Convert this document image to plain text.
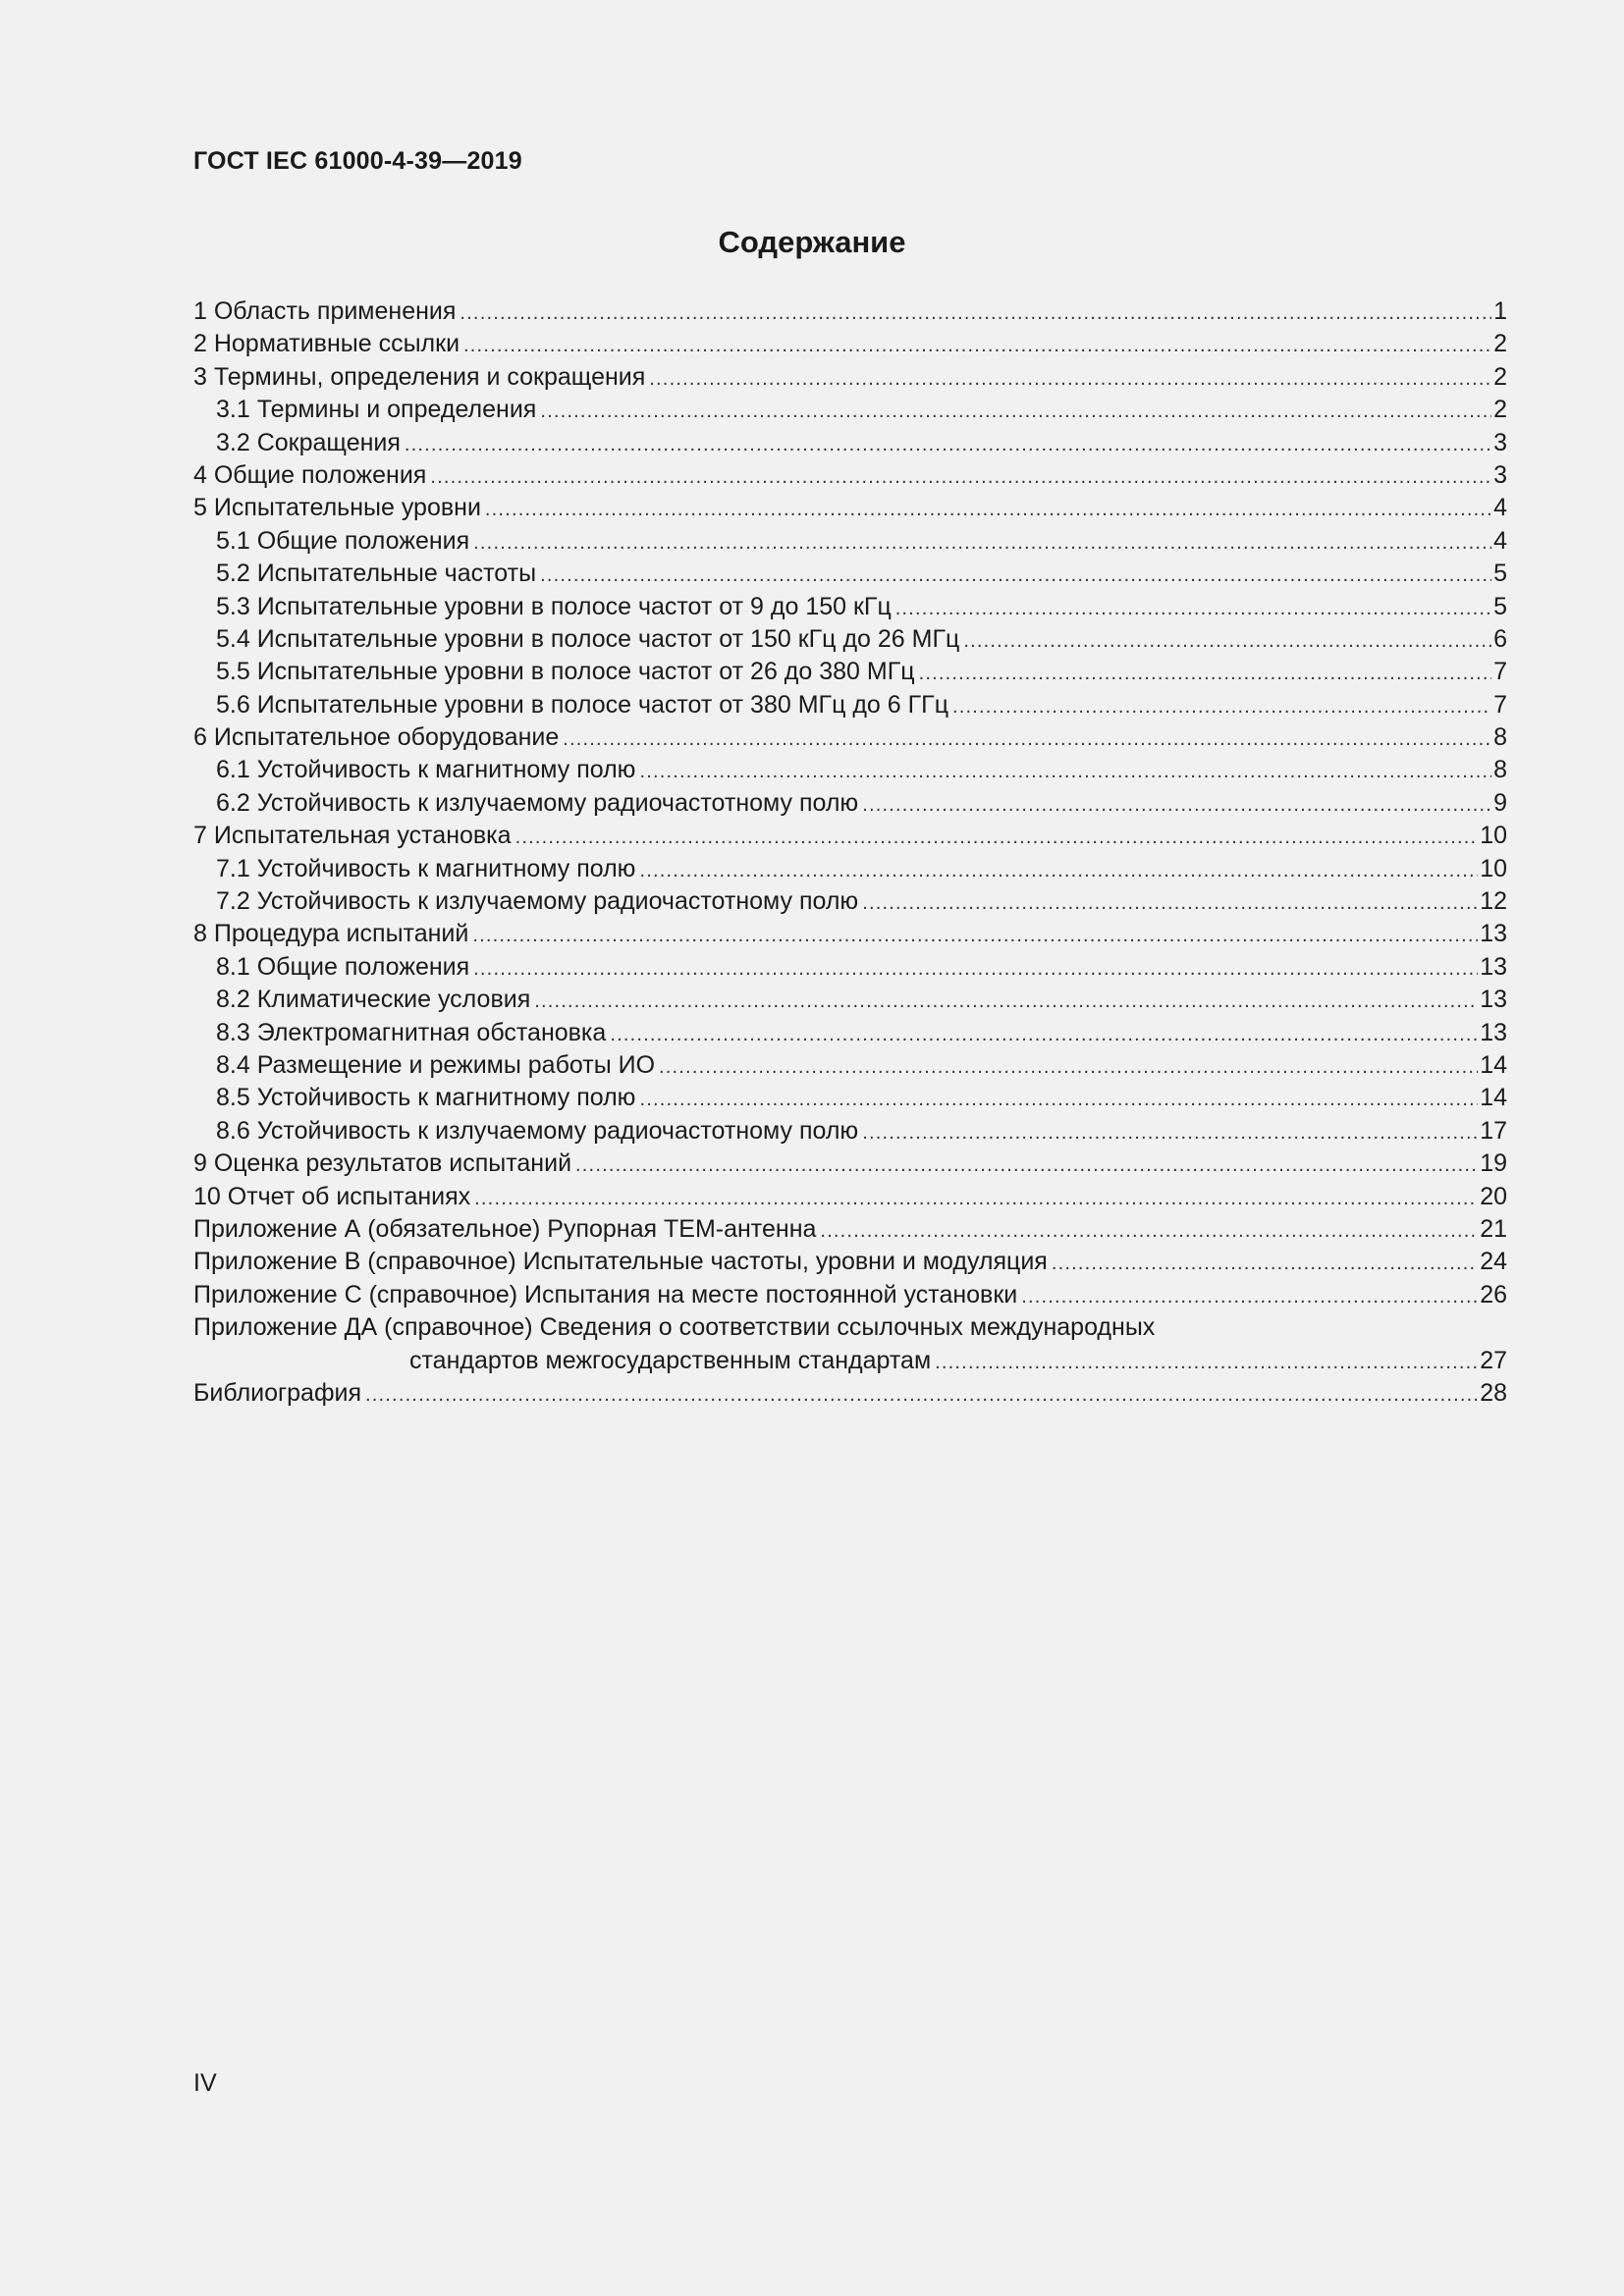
ГОСТ IEC 61000-4-39—2019
Содержание
1 Область применения .....	1
2 Нормативные ссылки .....	2
3 Термины, определения и сокращения .....	2
3.1 Термины и определения .....	2
3.2 Сокращения .....	3
4 Общие положения .....	3
5 Испытательные уровни .....	4
5.1 Общие положения .....	4
5.2 Испытательные частоты .....	5
5.3 Испытательные уровни в полосе частот от 9 до 150 кГц .....	5
5.4 Испытательные уровни в полосе частот от 150 кГц до 26 МГц .....	6
5.5 Испытательные уровни в полосе частот от 26 до 380 МГц .....	7
5.6 Испытательные уровни в полосе частот от 380 МГц до 6 ГГц .....	7
6 Испытательное оборудование .....	8
6.1 Устойчивость к магнитному полю .....	8
6.2 Устойчивость к излучаемому радиочастотному полю .....	9
7 Испытательная установка .....	10
7.1 Устойчивость к магнитному полю .....	10
7.2 Устойчивость к излучаемому радиочастотному полю .....	12
8 Процедура испытаний .....	13
8.1 Общие положения .....	13
8.2 Климатические условия .....	13
8.3 Электромагнитная обстановка .....	13
8.4 Размещение и режимы работы ИО .....	14
8.5 Устойчивость к магнитному полю .....	14
8.6 Устойчивость к излучаемому радиочастотному полю .....	17
9 Оценка результатов испытаний .....	19
10 Отчет об испытаниях .....	20
Приложение А (обязательное) Рупорная ТЕМ-антенна .....	21
Приложение В (справочное) Испытательные частоты, уровни и модуляция .....	24
Приложение С (справочное) Испытания на месте постоянной установки .....	26
Приложение ДА (справочное) Сведения о соответствии ссылочных международных
стандартов межгосударственным стандартам .....	27
Библиография .....	28
IV
